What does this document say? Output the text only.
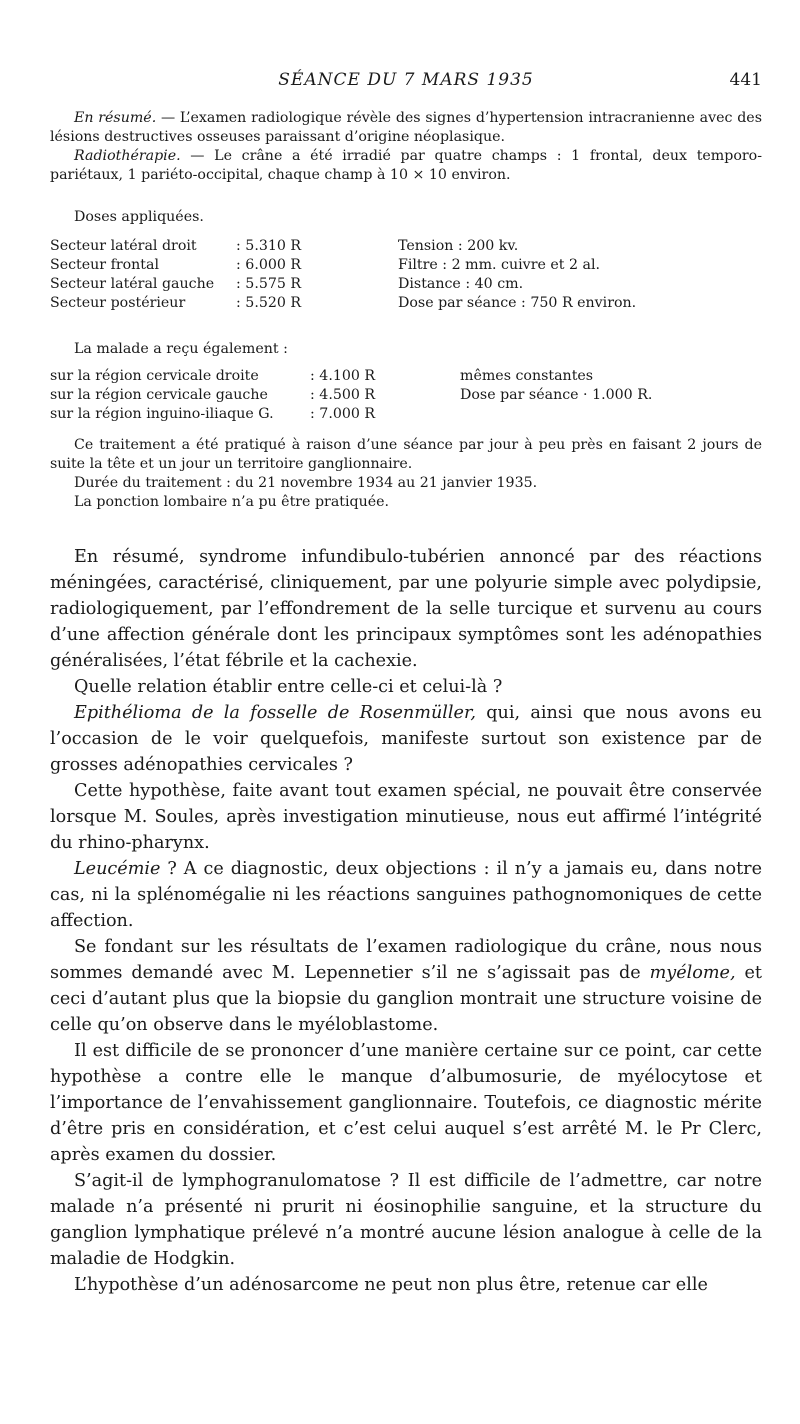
SÉANCE DU 7 MARS 1935	441

En résumé. — L’examen radiologique révèle des signes d’hypertension intracranienne avec des lésions destructives osseuses paraissant d’origine néoplasique.

Radiothérapie. — Le crâne a été irradié par quatre champs : 1 frontal, deux temporo-pariétaux, 1 pariéto-occipital, chaque champ à 10 × 10 environ.

Doses appliquées.
Secteur latéral droit	: 5.310 R	Tension : 200 kv.
Secteur frontal	: 6.000 R	Filtre : 2 mm. cuivre et 2 al.
Secteur latéral gauche	: 5.575 R	Distance : 40 cm.
Secteur postérieur	: 5.520 R	Dose par séance : 750 R environ.
La malade a reçu également :
sur la région cervicale droite	: 4.100 R	mêmes constantes
sur la région cervicale gauche	: 4.500 R	Dose par séance · 1.000 R.
sur la région inguino-iliaque G.	: 7.000 R

Ce traitement a été pratiqué à raison d’une séance par jour à peu près en faisant 2 jours de suite la tête et un jour un territoire ganglionnaire.

Durée du traitement : du 21 novembre 1934 au 21 janvier 1935.

La ponction lombaire n’a pu être pratiquée.

En résumé, syndrome infundibulo-tubérien annoncé par des réactions méningées, caractérisé, cliniquement, par une polyurie simple avec polydipsie, radiologiquement, par l’effondrement de la selle turcique et survenu au cours d’une affection générale dont les principaux symptômes sont les adénopathies généralisées, l’état fébrile et la cachexie.

Quelle relation établir entre celle-ci et celui-là ?

Epithélioma de la fosselle de Rosenmüller, qui, ainsi que nous avons eu l’occasion de le voir quelquefois, manifeste surtout son existence par de grosses adénopathies cervicales ?

Cette hypothèse, faite avant tout examen spécial, ne pouvait être conservée lorsque M. Soules, après investigation minutieuse, nous eut affirmé l’intégrité du rhino-pharynx.

Leucémie ? A ce diagnostic, deux objections : il n’y a jamais eu, dans notre cas, ni la splénomégalie ni les réactions sanguines pathognomoniques de cette affection.

Se fondant sur les résultats de l’examen radiologique du crâne, nous nous sommes demandé avec M. Lepennetier s’il ne s’agissait pas de myélome, et ceci d’autant plus que la biopsie du ganglion montrait une structure voisine de celle qu’on observe dans le myéloblastome.

Il est difficile de se prononcer d’une manière certaine sur ce point, car cette hypothèse a contre elle le manque d’albumosurie, de myélocytose et l’importance de l’envahissement ganglionnaire. Toutefois, ce diagnostic mérite d’être pris en considération, et c’est celui auquel s’est arrêté M. le Pr Clerc, après examen du dossier.

S’agit-il de lymphogranulomatose ? Il est difficile de l’admettre, car notre malade n’a présenté ni prurit ni éosinophilie sanguine, et la structure du ganglion lymphatique prélevé n’a montré aucune lésion analogue à celle de la maladie de Hodgkin.

L’hypothèse d’un adénosarcome ne peut non plus être, retenue car elle
